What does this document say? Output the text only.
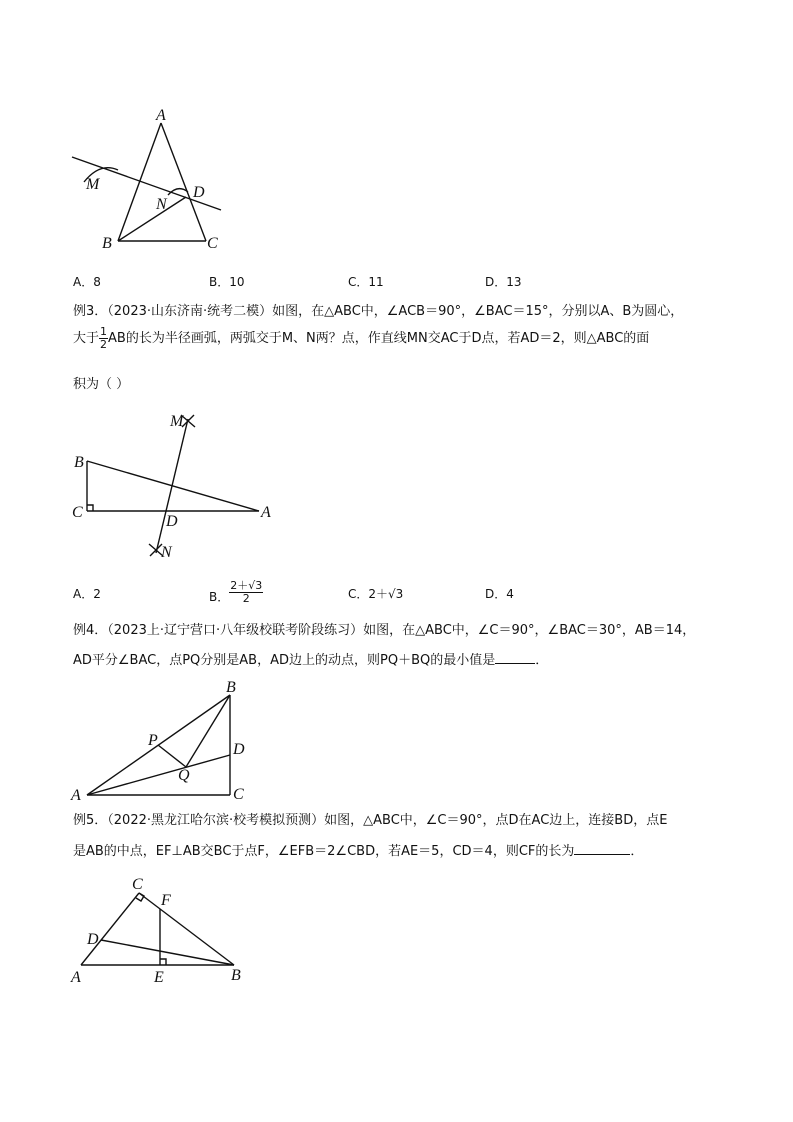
A
B	C
D
M
N
A．8	B．10	C．11	D．13
例3．（2023·山东济南·统考二模）如图，在△ABC中，∠ACB＝90°，∠BAC＝15°，分别以A、B为圆心，
大于 $\frac{1}{2}$ AB的长为半径画弧，两弧交于M、N两？点，作直线MN交AC于D点，若AD＝2，则△ABC的面
积为（ ）
M
B
C
D
A
N
A．2	B． $\frac{2+√3}{2}$	C．2＋√3	D．4
例4．（2023上·辽宁营口·八年级校联考阶段练习）如图，在△ABC中，∠C＝90°，∠BAC＝30°，AB＝14，
AD平分∠BAC，点PQ分别是AB，AD边上的动点，则PQ＋BQ的最小值是	．
B
D
C
A
P
Q
例5．（2022·黑龙江哈尔滨·校考模拟预测）如图，△ABC中，∠C＝90°，点D在AC边上，连接BD，点E
是AB的中点，EF⊥AB交BC于点F，∠EFB＝2∠CBD，若AE＝5，CD＝4，则CF的长为	．
C
F
D
A	E	B
